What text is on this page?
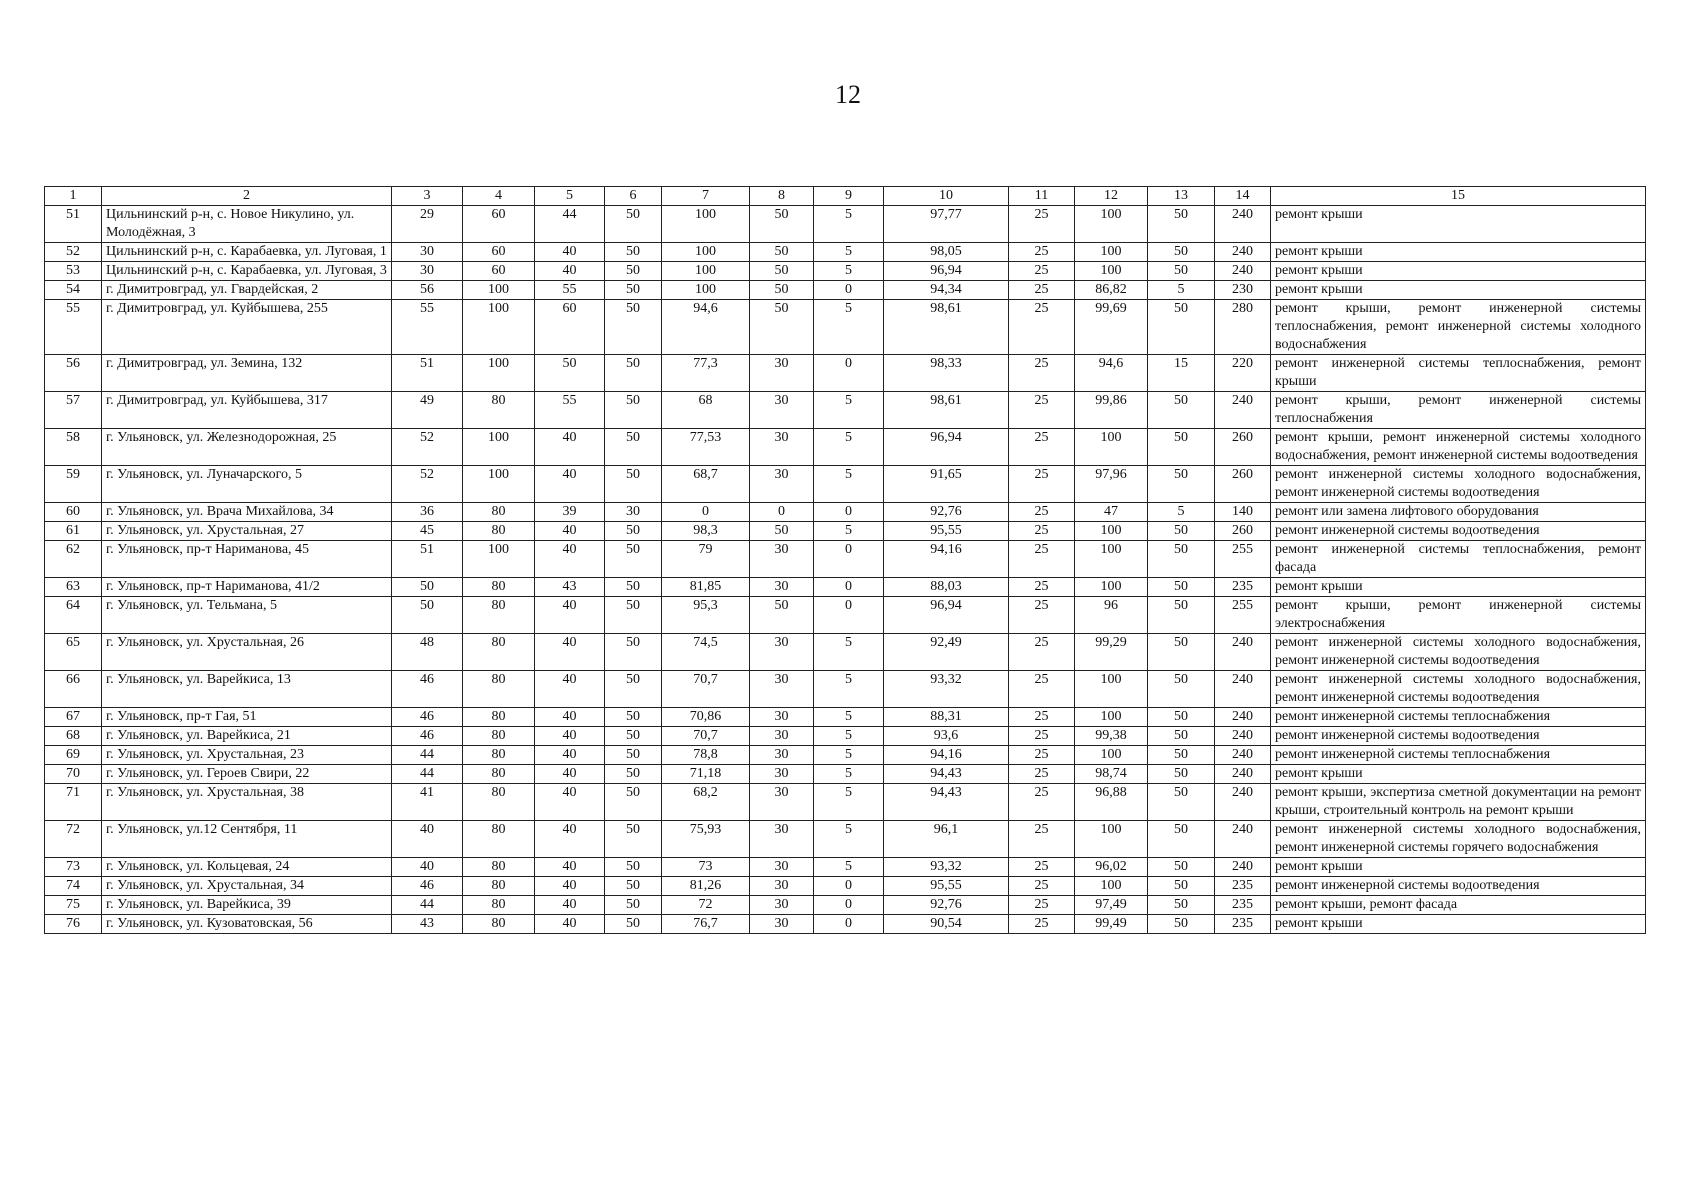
12
1	2	3	4	5	6	7	8	9	10	11	12	13	14	15
51	Цильнинский р-н, с. Новое Никулино, ул. Молодёжная, 3	29	60	44	50	100	50	5	97,77	25	100	50	240	ремонт крыши
52	Цильнинский р-н, с. Карабаевка, ул. Луговая, 1	30	60	40	50	100	50	5	98,05	25	100	50	240	ремонт крыши
53	Цильнинский р-н, с. Карабаевка, ул. Луговая, 3	30	60	40	50	100	50	5	96,94	25	100	50	240	ремонт крыши
54	г. Димитровград, ул. Гвардейская, 2	56	100	55	50	100	50	0	94,34	25	86,82	5	230	ремонт крыши
55	г. Димитровград, ул. Куйбышева, 255	55	100	60	50	94,6	50	5	98,61	25	99,69	50	280	ремонт крыши, ремонт инженерной системы теплоснабжения, ремонт инженерной системы холодного водоснабжения
56	г. Димитровград, ул. Земина, 132	51	100	50	50	77,3	30	0	98,33	25	94,6	15	220	ремонт инженерной системы теплоснабжения, ремонт крыши
57	г. Димитровград, ул. Куйбышева, 317	49	80	55	50	68	30	5	98,61	25	99,86	50	240	ремонт крыши, ремонт инженерной системы теплоснабжения
58	г. Ульяновск, ул. Железнодорожная, 25	52	100	40	50	77,53	30	5	96,94	25	100	50	260	ремонт крыши, ремонт инженерной системы холодного водоснабжения, ремонт инженерной системы водоотведения
59	г. Ульяновск, ул. Луначарского, 5	52	100	40	50	68,7	30	5	91,65	25	97,96	50	260	ремонт инженерной системы холодного водоснабжения, ремонт инженерной системы водоотведения
60	г. Ульяновск, ул. Врача Михайлова, 34	36	80	39	30	0	0	0	92,76	25	47	5	140	ремонт или замена лифтового оборудования
61	г. Ульяновск, ул. Хрустальная, 27	45	80	40	50	98,3	50	5	95,55	25	100	50	260	ремонт инженерной системы водоотведения
62	г. Ульяновск, пр-т Нариманова, 45	51	100	40	50	79	30	0	94,16	25	100	50	255	ремонт инженерной системы теплоснабжения, ремонт фасада
63	г. Ульяновск, пр-т Нариманова, 41/2	50	80	43	50	81,85	30	0	88,03	25	100	50	235	ремонт крыши
64	г. Ульяновск, ул. Тельмана, 5	50	80	40	50	95,3	50	0	96,94	25	96	50	255	ремонт крыши, ремонт инженерной системы электроснабжения
65	г. Ульяновск, ул. Хрустальная, 26	48	80	40	50	74,5	30	5	92,49	25	99,29	50	240	ремонт инженерной системы холодного водоснабжения, ремонт инженерной системы водоотведения
66	г. Ульяновск, ул. Варейкиса, 13	46	80	40	50	70,7	30	5	93,32	25	100	50	240	ремонт инженерной системы холодного водоснабжения, ремонт инженерной системы водоотведения
67	г. Ульяновск, пр-т Гая, 51	46	80	40	50	70,86	30	5	88,31	25	100	50	240	ремонт инженерной системы теплоснабжения
68	г. Ульяновск, ул. Варейкиса, 21	46	80	40	50	70,7	30	5	93,6	25	99,38	50	240	ремонт инженерной системы водоотведения
69	г. Ульяновск, ул. Хрустальная, 23	44	80	40	50	78,8	30	5	94,16	25	100	50	240	ремонт инженерной системы теплоснабжения
70	г. Ульяновск, ул. Героев Свири, 22	44	80	40	50	71,18	30	5	94,43	25	98,74	50	240	ремонт крыши
71	г. Ульяновск, ул. Хрустальная, 38	41	80	40	50	68,2	30	5	94,43	25	96,88	50	240	ремонт крыши, экспертиза сметной документации на ремонт крыши, строительный контроль на ремонт крыши
72	г. Ульяновск, ул.12 Сентября, 11	40	80	40	50	75,93	30	5	96,1	25	100	50	240	ремонт инженерной системы холодного водоснабжения, ремонт инженерной системы горячего водоснабжения
73	г. Ульяновск, ул. Кольцевая, 24	40	80	40	50	73	30	5	93,32	25	96,02	50	240	ремонт крыши
74	г. Ульяновск, ул. Хрустальная, 34	46	80	40	50	81,26	30	0	95,55	25	100	50	235	ремонт инженерной системы водоотведения
75	г. Ульяновск, ул. Варейкиса, 39	44	80	40	50	72	30	0	92,76	25	97,49	50	235	ремонт крыши, ремонт фасада
76	г. Ульяновск, ул. Кузоватовская, 56	43	80	40	50	76,7	30	0	90,54	25	99,49	50	235	ремонт крыши
